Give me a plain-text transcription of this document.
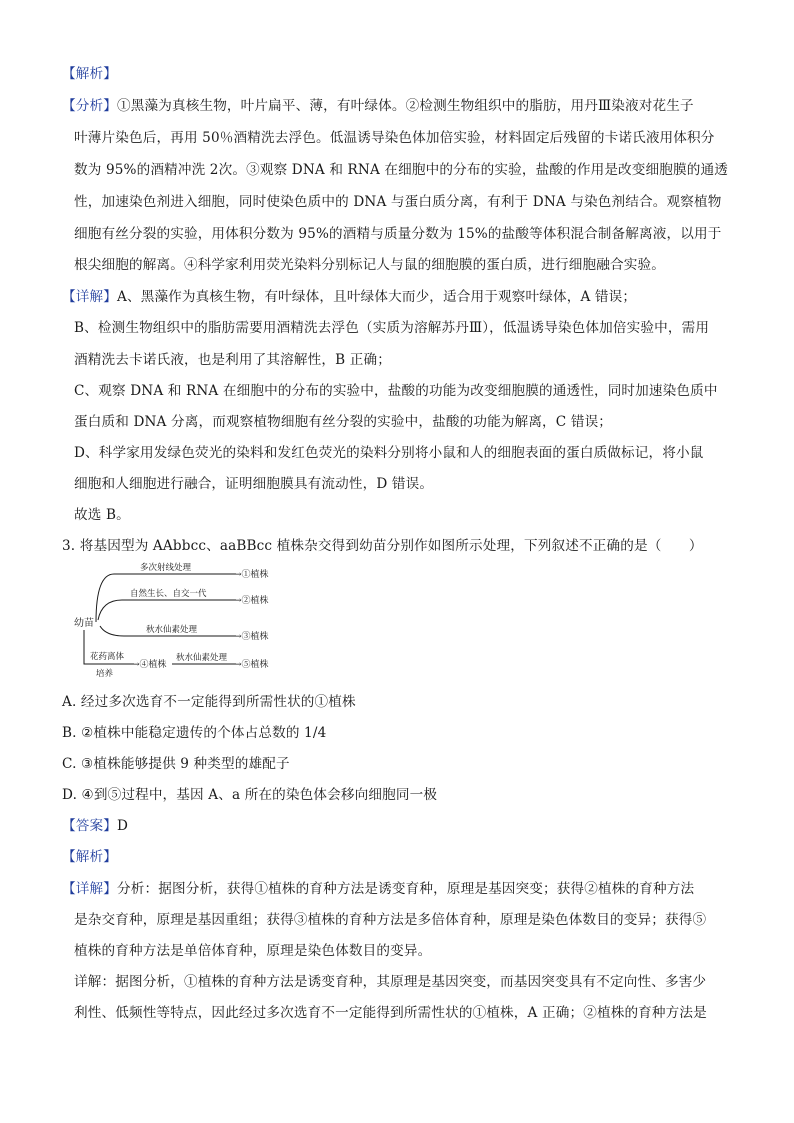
【解析】
【分析】①黑藻为真核生物，叶片扁平、薄，有叶绿体。②检测生物组织中的脂肪，用丹Ⅲ染液对花生子
叶薄片染色后，再用 50％酒精洗去浮色。低温诱导染色体加倍实验，材料固定后残留的卡诺氏液用体积分
数为 95%的酒精冲洗 2次。③观察 DNA 和 RNA 在细胞中的分布的实验，盐酸的作用是改变细胞膜的通透
性，加速染色剂进入细胞，同时使染色质中的 DNA 与蛋白质分离，有利于 DNA 与染色剂结合。观察植物
细胞有丝分裂的实验，用体积分数为 95%的酒精与质量分数为 15%的盐酸等体积混合制备解离液，以用于
根尖细胞的解离。④科学家利用荧光染料分别标记人与鼠的细胞膜的蛋白质，进行细胞融合实验。
【详解】A、黑藻作为真核生物，有叶绿体，且叶绿体大而少，适合用于观察叶绿体，A 错误；
B、检测生物组织中的脂肪需要用酒精洗去浮色（实质为溶解苏丹Ⅲ），低温诱导染色体加倍实验中，需用
酒精洗去卡诺氏液，也是利用了其溶解性，B 正确；
C、观察 DNA 和 RNA 在细胞中的分布的实验中，盐酸的功能为改变细胞膜的通透性，同时加速染色质中
蛋白质和 DNA 分离，而观察植物细胞有丝分裂的实验中，盐酸的功能为解离，C 错误；
D、科学家用发绿色荧光的染料和发红色荧光的染料分别将小鼠和人的细胞表面的蛋白质做标记，将小鼠
细胞和人细胞进行融合，证明细胞膜具有流动性，D 错误。
故选 B。
3. 将基因型为 AAbbcc、aaBBcc 植株杂交得到幼苗分别作如图所示处理，下列叙述不正确的是（　　）
幼苗
多次射线处理
→①植株
自然生长、自交一代
→②植株
秋水仙素处理
→③植株
花药离体
培养
→④植株
秋水仙素处理
→⑤植株
A. 经过多次选育不一定能得到所需性状的①植株
B. ②植株中能稳定遗传的个体占总数的 1/4
C. ③植株能够提供 9 种类型的雄配子
D. ④到⑤过程中，基因 A、a 所在的染色体会移向细胞同一极
【答案】D
【解析】
【详解】分析：据图分析，获得①植株的育种方法是诱变育种，原理是基因突变；获得②植株的育种方法
是杂交育种，原理是基因重组；获得③植株的育种方法是多倍体育种，原理是染色体数目的变异；获得⑤
植株的育种方法是单倍体育种，原理是染色体数目的变异。
详解：据图分析，①植株的育种方法是诱变育种，其原理是基因突变，而基因突变具有不定向性、多害少
利性、低频性等特点，因此经过多次选育不一定能得到所需性状的①植株，A 正确；②植株的育种方法是
